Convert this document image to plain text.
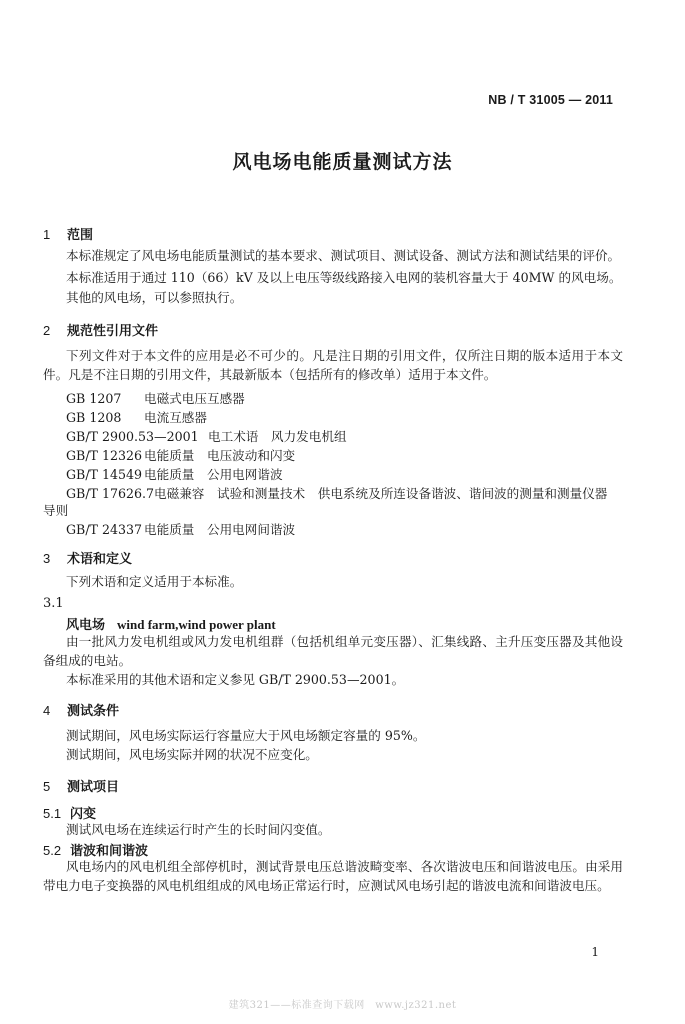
NB / T 31005 — 2011
风电场电能质量测试方法
1 范围
本标准规定了风电场电能质量测试的基本要求、测试项目、测试设备、测试方法和测试结果的评价。
本标准适用于通过 110（66）kV 及以上电压等级线路接入电网的装机容量大于 40MW 的风电场。
其他的风电场，可以参照执行。
2 规范性引用文件
下列文件对于本文件的应用是必不可少的。凡是注日期的引用文件，仅所注日期的版本适用于本文件。凡是不注日期的引用文件，其最新版本（包括所有的修改单）适用于本文件。
GB 1207 电磁式电压互感器
GB 1208 电流互感器
GB/T 2900.53—2001 电工术语　风力发电机组
GB/T 12326 电能质量　电压波动和闪变
GB/T 14549 电能质量　公用电网谐波
GB/T 17626.7电磁兼容　试验和测量技术　供电系统及所连设备谐波、谐间波的测量和测量仪器
导则
GB/T 24337 电能质量　公用电网间谐波
3 术语和定义
下列术语和定义适用于本标准。
3.1
风电场 wind farm,wind power plant
由一批风力发电机组或风力发电机组群（包括机组单元变压器）、汇集线路、主升压变压器及其他设备组成的电站。
本标准采用的其他术语和定义参见 GB/T 2900.53—2001。
4 测试条件
测试期间，风电场实际运行容量应大于风电场额定容量的 95%。
测试期间，风电场实际并网的状况不应变化。
5 测试项目
5.1 闪变
测试风电场在连续运行时产生的长时间闪变值。
5.2 谐波和间谐波
风电场内的风电机组全部停机时，测试背景电压总谐波畸变率、各次谐波电压和间谐波电压。由采用带电力电子变换器的风电机组组成的风电场正常运行时，应测试风电场引起的谐波电流和间谐波电压。
1
建筑321——标准查询下载网　www.jz321.net
